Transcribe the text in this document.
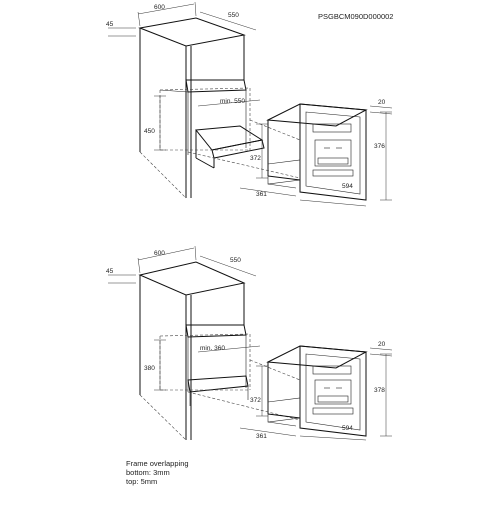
PSGBCM090D000002
600
550
45
min. 550
450
20
376
594
372
361
600
550
45
min. 360
380
20
378
594
372
361
Frame overlapping
bottom: 3mm
top: 5mm
